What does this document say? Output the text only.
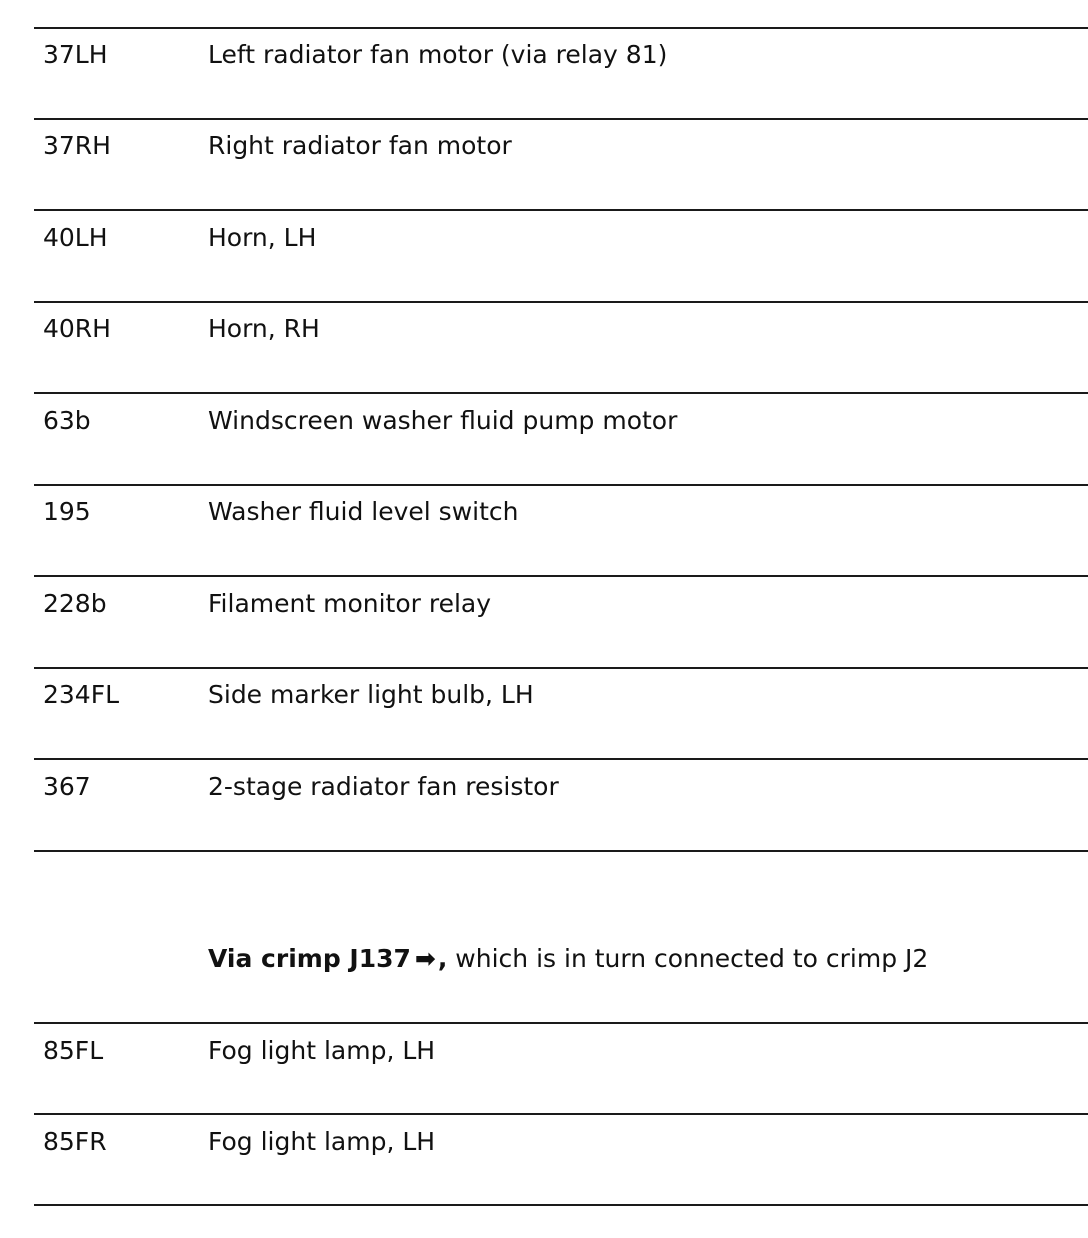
37LH	Left radiator fan motor (via relay 81)
37RH	Right radiator fan motor
40LH	Horn, LH
40RH	Horn, RH
63b	Windscreen washer fluid pump motor
195	Washer fluid level switch
228b	Filament monitor relay
234FL	Side marker light bulb, LH
367	2-stage radiator fan resistor
Via crimp J137 ➡, which is in turn connected to crimp J2
85FL	Fog light lamp, LH
85FR	Fog light lamp, LH
